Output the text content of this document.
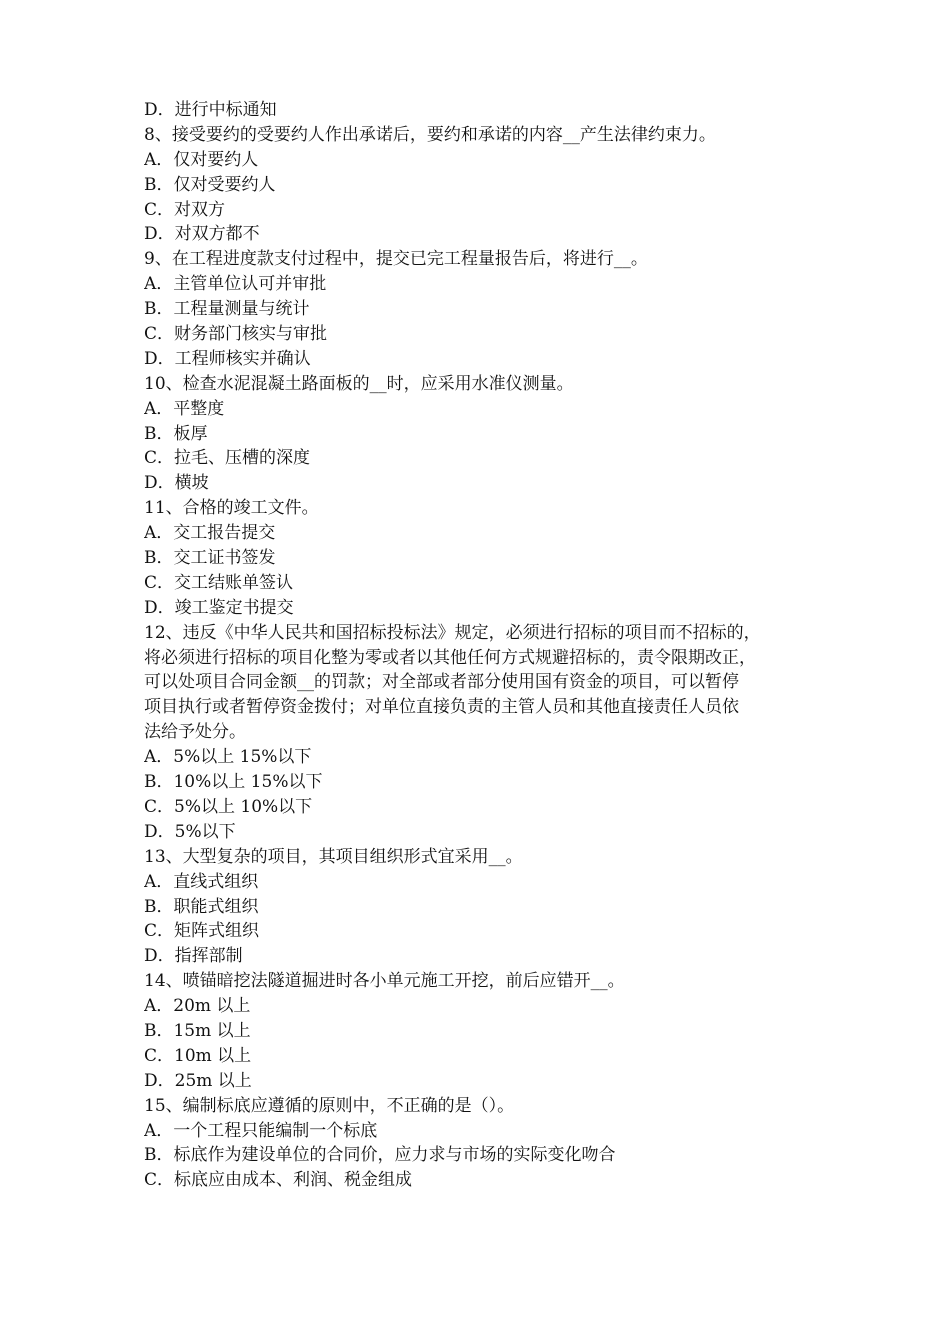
D．进行中标通知
8、接受要约的受要约人作出承诺后，要约和承诺的内容__产生法律约束力。
A．仅对要约人
B．仅对受要约人
C．对双方
D．对双方都不
9、在工程进度款支付过程中，提交已完工程量报告后，将进行__。
A．主管单位认可并审批
B．工程量测量与统计
C．财务部门核实与审批
D．工程师核实并确认
10、检查水泥混凝土路面板的__时，应采用水准仪测量。
A．平整度
B．板厚
C．拉毛、压槽的深度
D．横坡
11、合格的竣工文件。
A．交工报告提交
B．交工证书签发
C．交工结账单签认
D．竣工鉴定书提交
12、违反《中华人民共和国招标投标法》规定，必须进行招标的项目而不招标的，
将必须进行招标的项目化整为零或者以其他任何方式规避招标的，责令限期改正，
可以处项目合同金额__的罚款；对全部或者部分使用国有资金的项目，可以暂停
项目执行或者暂停资金拨付；对单位直接负责的主管人员和其他直接责任人员依
法给予处分。
A．5%以上 15%以下
B．10%以上 15%以下
C．5%以上 10%以下
D．5%以下
13、大型复杂的项目，其项目组织形式宜采用__。
A．直线式组织
B．职能式组织
C．矩阵式组织
D．指挥部制
14、喷锚暗挖法隧道掘进时各小单元施工开挖，前后应错开__。
A．20m 以上
B．15m 以上
C．10m 以上
D．25m 以上
15、编制标底应遵循的原则中，不正确的是（）。
A．一个工程只能编制一个标底
B．标底作为建设单位的合同价，应力求与市场的实际变化吻合
C．标底应由成本、利润、税金组成
